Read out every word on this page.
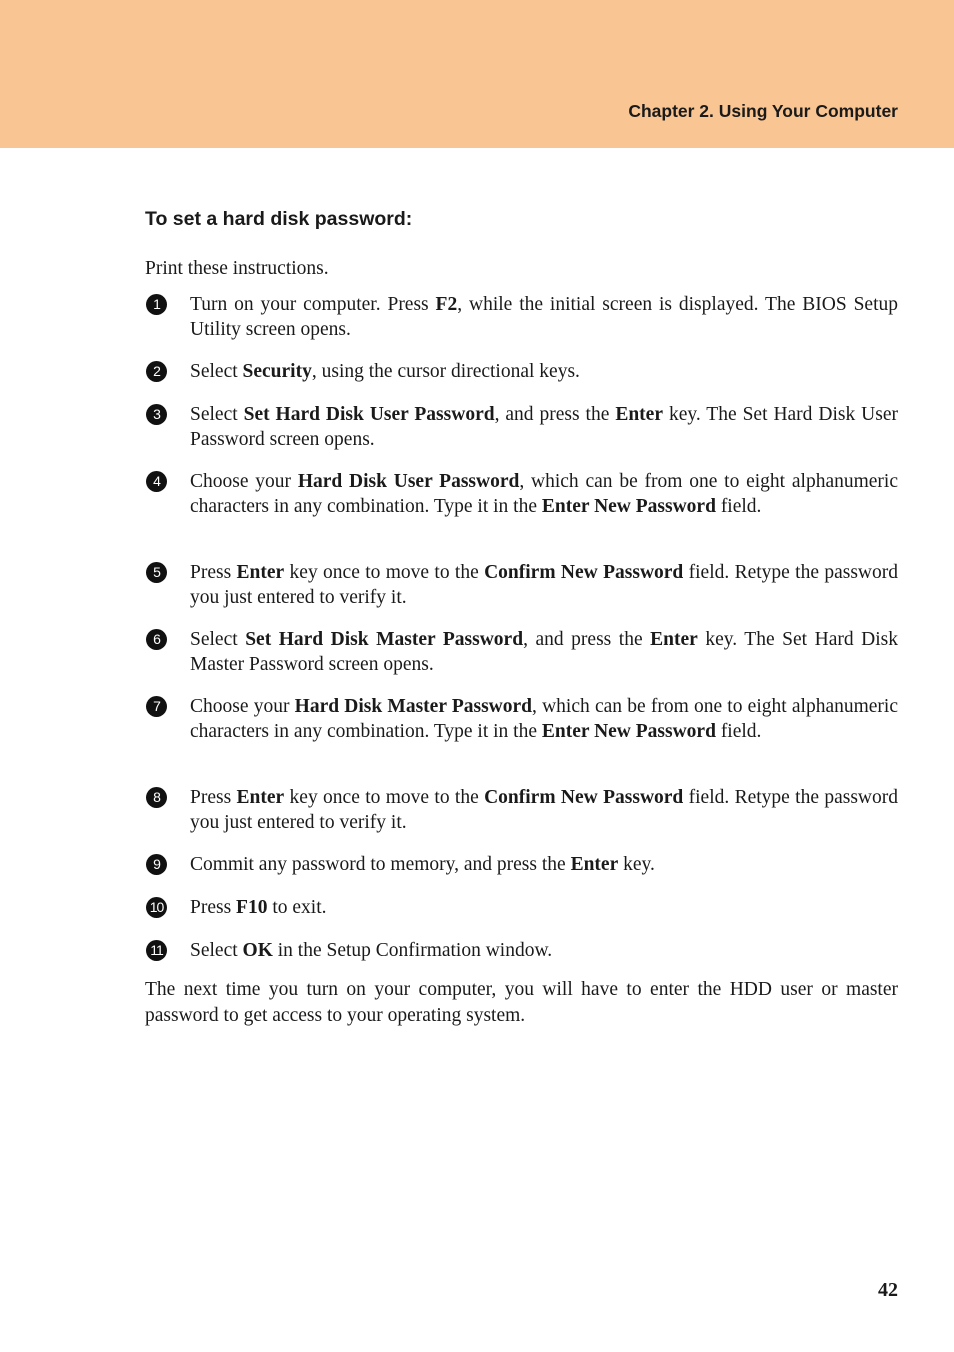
Chapter 2. Using Your Computer
To set a hard disk password:

Print these instructions.

1	Turn on your computer. Press F2, while the initial screen is displayed. The BIOS Setup Utility screen opens.
2	Select Security, using the cursor directional keys.
3	Select Set Hard Disk User Password, and press the Enter key. The Set Hard Disk User Password screen opens.
4	Choose your Hard Disk User Password, which can be from one to eight alphanumeric characters in any combination. Type it in the Enter New Password field.
5	Press Enter key once to move to the Confirm New Password field. Retype the password you just entered to verify it.
6	Select Set Hard Disk Master Password, and press the Enter key. The Set Hard Disk Master Password screen opens.
7	Choose your Hard Disk Master Password, which can be from one to eight alphanumeric characters in any combination. Type it in the Enter New Password field.
8	Press Enter key once to move to the Confirm New Password field. Retype the password you just entered to verify it.
9	Commit any password to memory, and press the Enter key.
10 Press F10 to exit.
11 Select OK in the Setup Confirmation window.

The next time you turn on your computer, you will have to enter the HDD user or master password to get access to your operating system.

42
